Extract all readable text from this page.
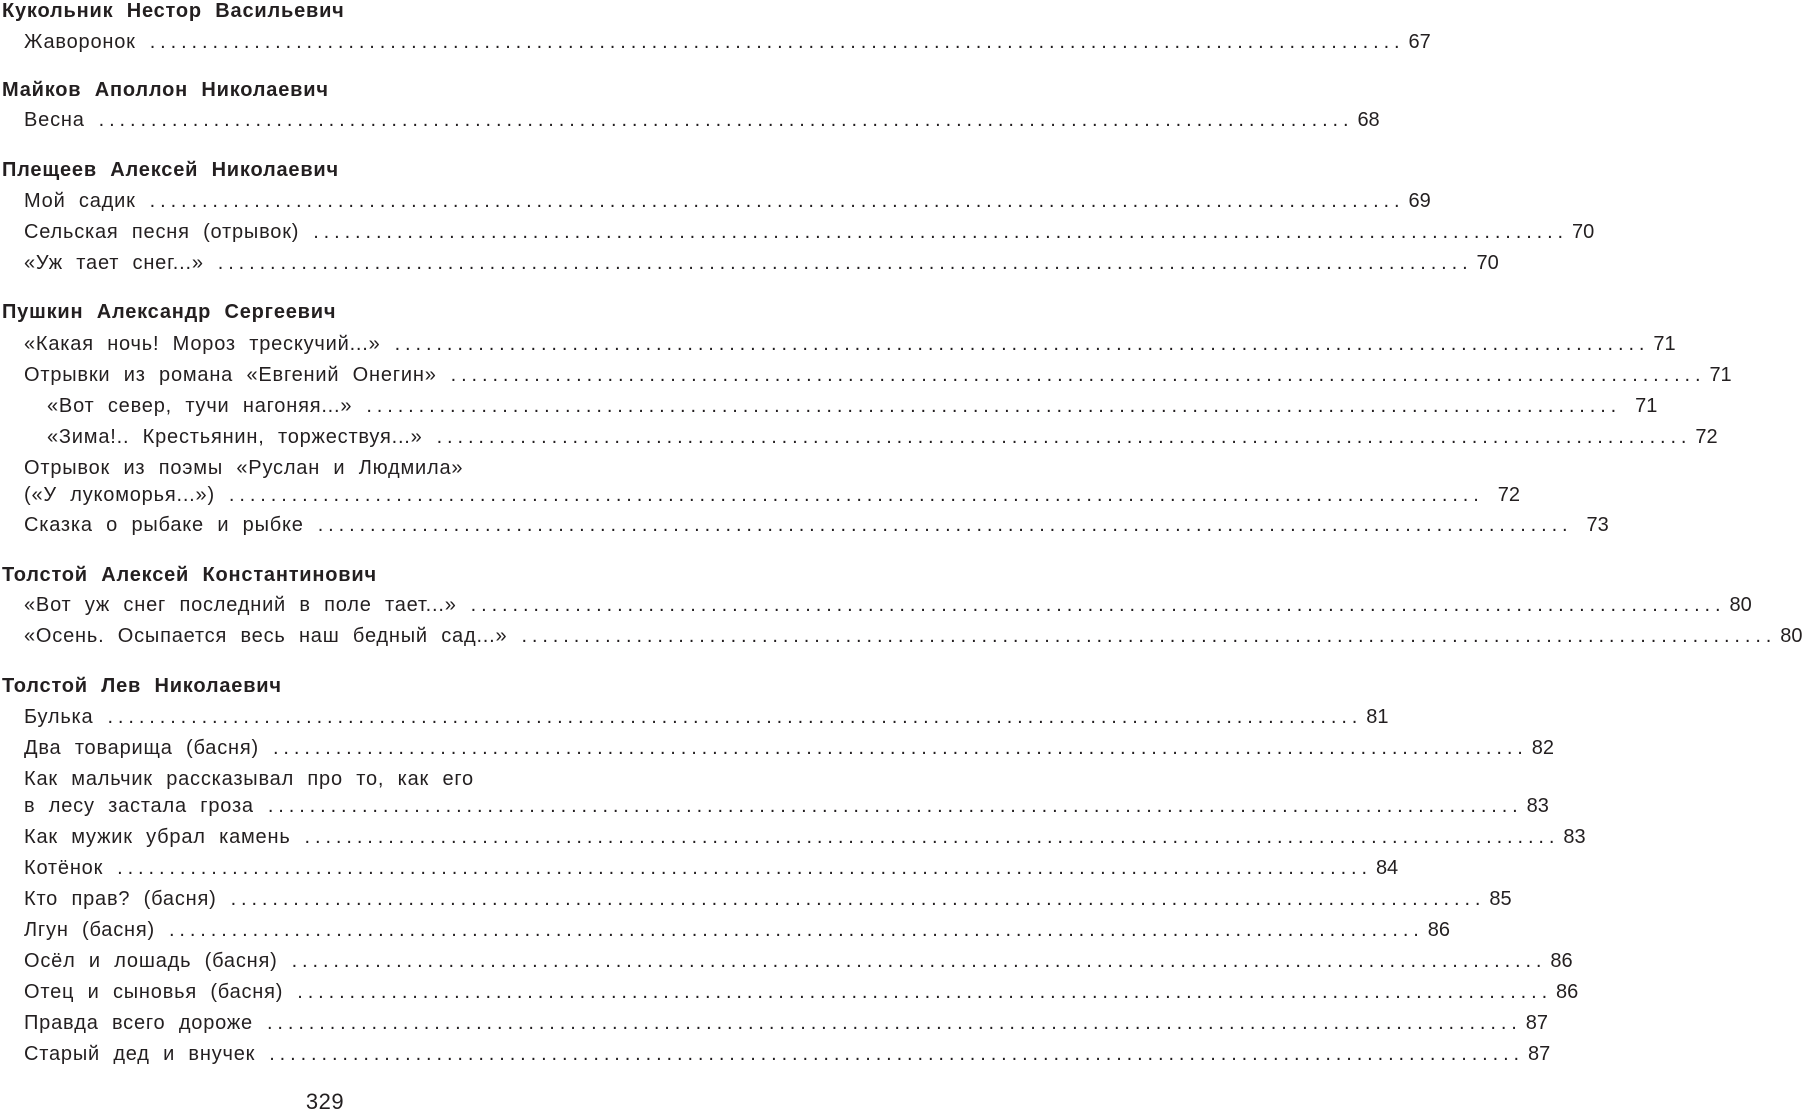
Кукольник Нестор Васильевич
Жаворонок ........................................................................................................................ 67
Майков Аполлон Николаевич
Весна ........................................................................................................................ 68
Плещеев Алексей Николаевич
Мой садик ........................................................................................................................ 69
Сельская песня (отрывок) ........................................................................................................................ 70
«Уж тает снег...» ........................................................................................................................ 70
Пушкин Александр Сергеевич
«Какая ночь! Мороз трескучий...» ........................................................................................................................ 71
Отрывки из романа «Евгений Онегин» ........................................................................................................................ 71
«Вот север, тучи нагоняя...» ........................................................................................................................ 71
«Зима!.. Крестьянин, торжествуя...» ........................................................................................................................ 72
Отрывок из поэмы «Руслан и Людмила»
(«У лукоморья...») ........................................................................................................................ 72
Сказка о рыбаке и рыбке ........................................................................................................................ 73
Толстой Алексей Константинович
«Вот уж снег последний в поле тает...» ........................................................................................................................ 80
«Осень. Осыпается весь наш бедный сад...» ........................................................................................................................ 80
Толстой Лев Николаевич
Булька ........................................................................................................................ 81
Два товарища (басня) ........................................................................................................................ 82
Как мальчик рассказывал про то, как его
в лесу застала гроза ........................................................................................................................ 83
Как мужик убрал камень ........................................................................................................................ 83
Котёнок ........................................................................................................................ 84
Кто прав? (басня) ........................................................................................................................ 85
Лгун (басня) ........................................................................................................................ 86
Осёл и лошадь (басня) ........................................................................................................................ 86
Отец и сыновья (басня) ........................................................................................................................ 86
Правда всего дороже ........................................................................................................................ 87
Старый дед и внучек ........................................................................................................................ 87
329
